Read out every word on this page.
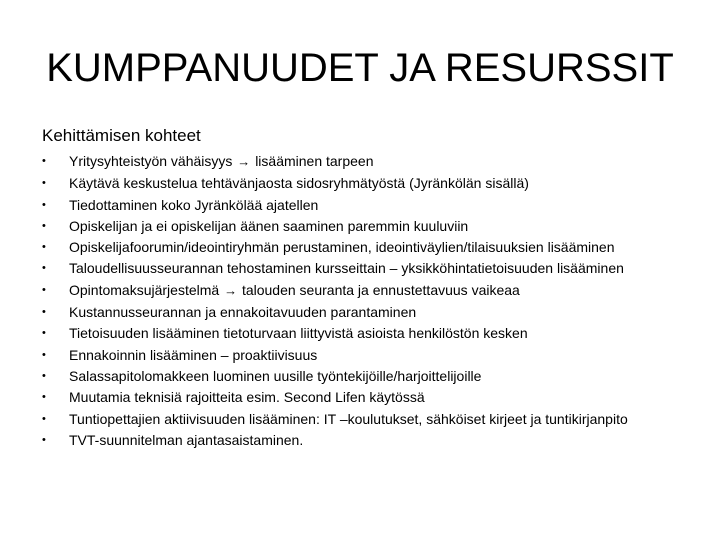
KUMPPANUUDET JA RESURSSIT
Kehittämisen kohteet
•	Yritysyhteistyön vähäisyys → lisääminen tarpeen
•	Käytävä keskustelua tehtävänjaosta sidosryhmätyöstä (Jyränkölän sisällä)
•	Tiedottaminen koko Jyränkölää ajatellen
•	Opiskelijan ja ei opiskelijan äänen saaminen paremmin kuuluviin
•	Opiskelijafoorumin/ideointiryhmän perustaminen, ideointiväylien/tilaisuuksien lisääminen
•	Taloudellisuusseurannan tehostaminen kursseittain – yksikköhintatietoisuuden lisääminen
•	Opintomaksujärjestelmä → talouden seuranta ja ennustettavuus vaikeaa
•	Kustannusseurannan ja ennakoitavuuden parantaminen
•	Tietoisuuden lisääminen tietoturvaan liittyvistä asioista henkilöstön kesken
•	Ennakoinnin lisääminen – proaktiivisuus
•	Salassapitolomakkeen luominen uusille työntekijöille/harjoittelijoille
•	Muutamia teknisiä rajoitteita esim. Second Lifen käytössä
•	Tuntiopettajien aktiivisuuden lisääminen: IT –koulutukset, sähköiset kirjeet ja tuntikirjanpito
•	TVT-suunnitelman ajantasaistaminen.
